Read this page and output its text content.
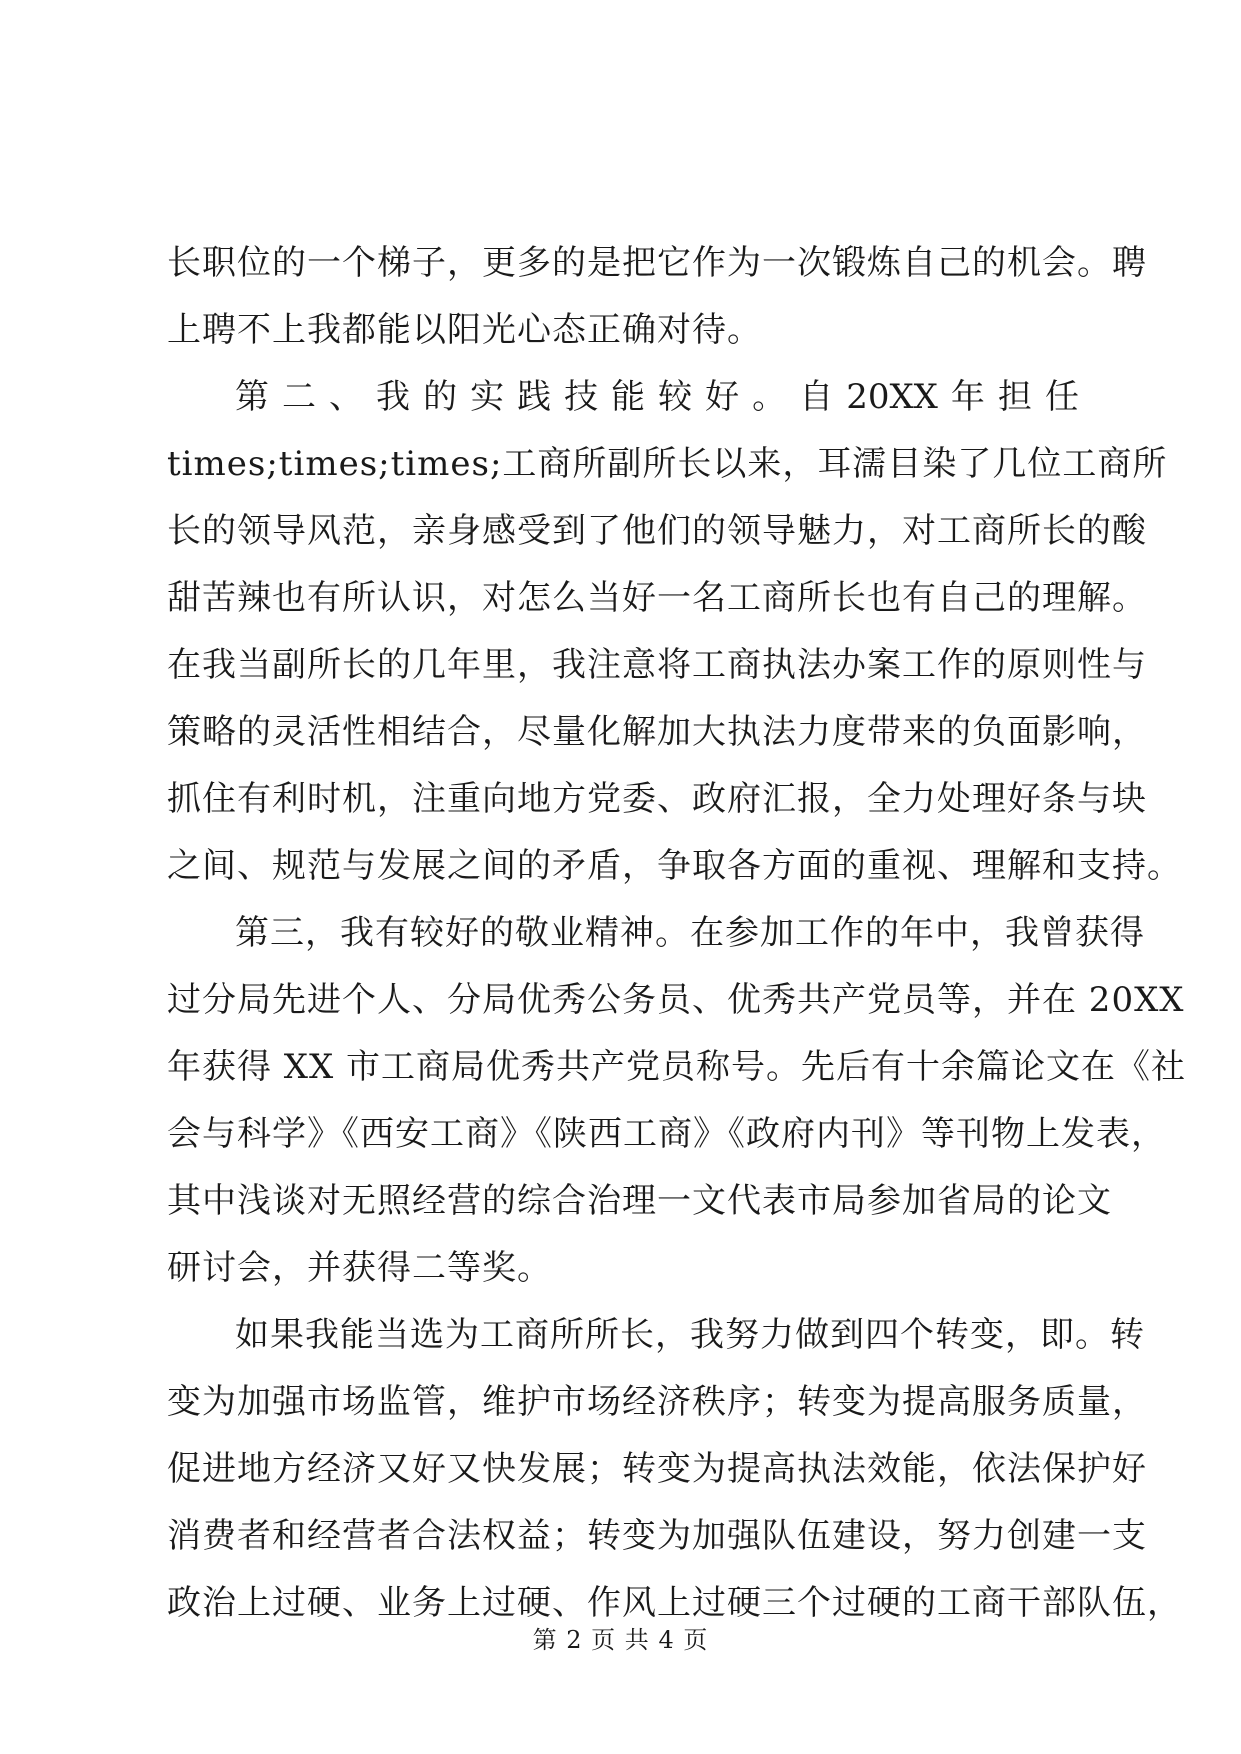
长职位的一个梯子，更多的是把它作为一次锻炼自己的机会。聘
上聘不上我都能以阳光心态正确对待。
第 二 、 我 的 实 践 技 能 较 好 。 自 20XX 年 担 任
times;times;times;工商所副所长以来，耳濡目染了几位工商所
长的领导风范，亲身感受到了他们的领导魅力，对工商所长的酸
甜苦辣也有所认识，对怎么当好一名工商所长也有自己的理解。
在我当副所长的几年里，我注意将工商执法办案工作的原则性与
策略的灵活性相结合，尽量化解加大执法力度带来的负面影响，
抓住有利时机，注重向地方党委、政府汇报，全力处理好条与块
之间、规范与发展之间的矛盾，争取各方面的重视、理解和支持。
第三，我有较好的敬业精神。在参加工作的年中，我曾获得
过分局先进个人、分局优秀公务员、优秀共产党员等，并在 20XX
年获得 XX 市工商局优秀共产党员称号。先后有十余篇论文在《社
会与科学》《西安工商》《陕西工商》《政府内刊》等刊物上发表，
其中浅谈对无照经营的综合治理一文代表市局参加省局的论文
研讨会，并获得二等奖。
如果我能当选为工商所所长，我努力做到四个转变，即。转
变为加强市场监管，维护市场经济秩序；转变为提高服务质量，
促进地方经济又好又快发展；转变为提高执法效能，依法保护好
消费者和经营者合法权益；转变为加强队伍建设，努力创建一支
政治上过硬、业务上过硬、作风上过硬三个过硬的工商干部队伍，
第 2 页 共 4 页
